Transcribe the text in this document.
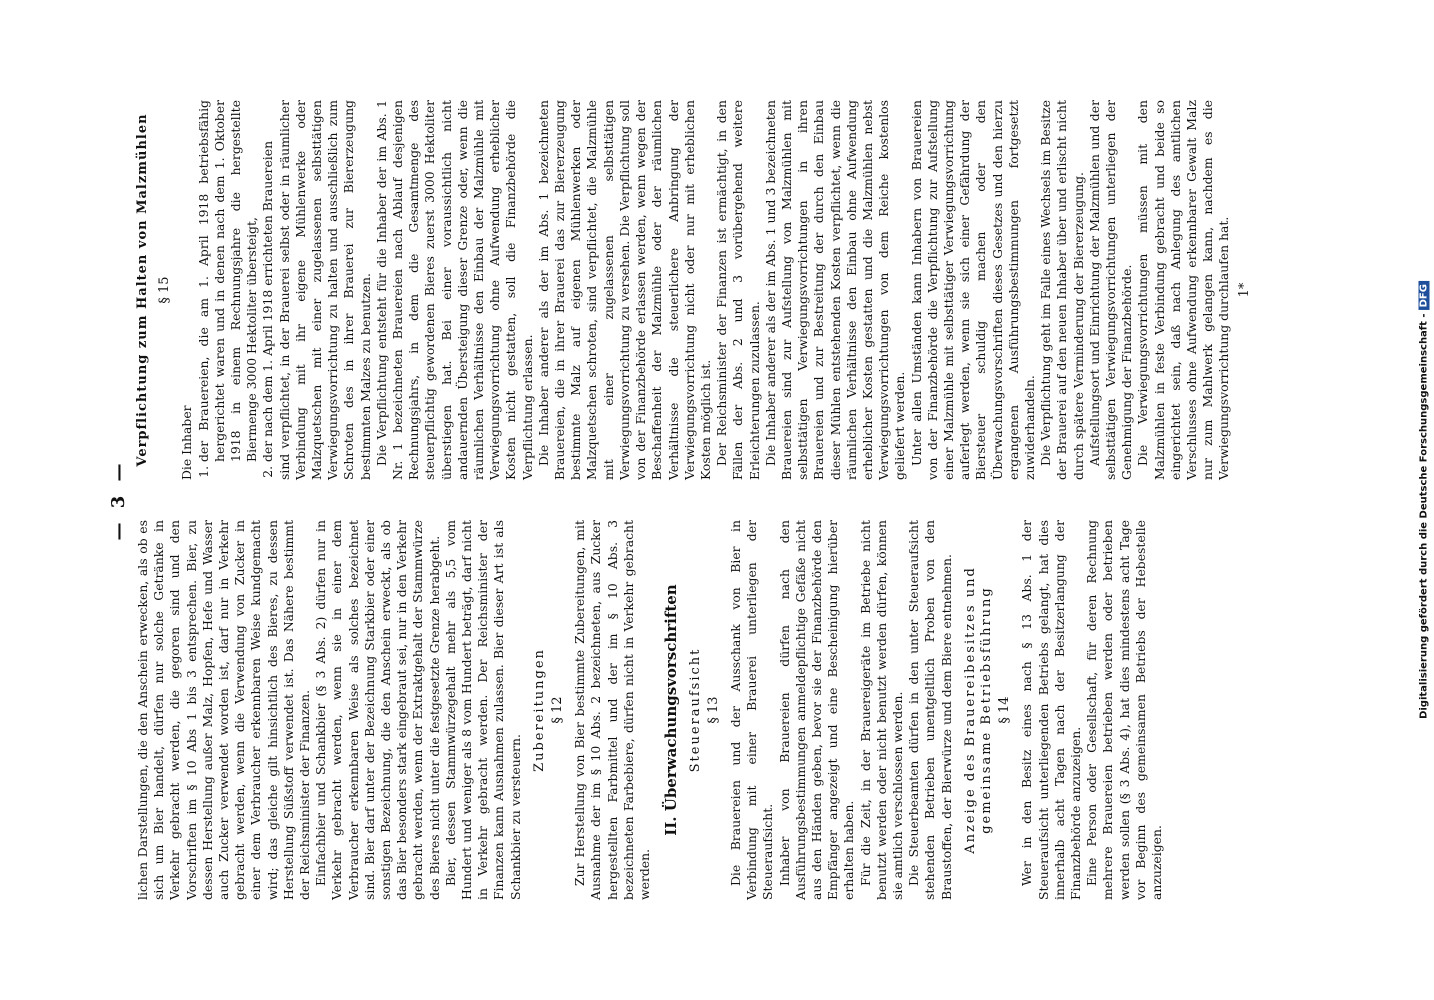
— 3 —

lichen Darstellungen, die den Anschein erwecken, als ob es sich um Bier handelt, dürfen nur solche Getränke in Verkehr gebracht werden, die gegoren sind und den Vorschriften im § 10 Abs 1 bis 3 entsprechen. Bier, zu dessen Herstellung außer Malz, Hopfen, Hefe und Wasser auch Zucker verwendet worden ist, darf nur in Verkehr gebracht werden, wenn die Verwendung von Zucker in einer dem Verbraucher erkennbaren Weise kundgemacht wird; das gleiche gilt hinsichtlich des Bieres, zu dessen Herstellung Süßstoff verwendet ist. Das Nähere bestimmt der Reichsminister der Finanzen. Einfachbier und Schankbier (§ 3 Abs. 2) dürfen nur in Verkehr gebracht werden, wenn sie in einer dem Verbraucher erkennbaren Weise als solches bezeichnet sind. Bier darf unter der Bezeichnung Starkbier oder einer sonstigen Bezeichnung, die den Anschein erweckt, als ob das Bier besonders stark eingebraut sei, nur in den Verkehr gebracht werden, wenn der Extraktgehalt der Stammwürze des Bieres nicht unter die festgesetzte Grenze herabgeht. Bier, dessen Stammwürzegehalt mehr als 5,5 vom Hundert und weniger als 8 vom Hundert beträgt, darf nicht in Verkehr gebracht werden. Der Reichsminister der Finanzen kann Ausnahmen zulassen. Bier dieser Art ist als Schankbier zu versteuern.

Zubereitungen § 12 Zur Herstellung von Bier bestimmte Zubereitungen, mit Ausnahme der im § 10 Abs. 2 bezeichneten, aus Zucker hergestellten Farbmittel und der im § 10 Abs. 3 bezeichneten Farbebiere, dürfen nicht in Verkehr gebracht werden.

II. Überwachungsvorschriften Steueraufsicht § 13 Die Brauereien und der Ausschank von Bier in Verbindung mit einer Brauerei unterliegen der Steueraufsicht. Inhaber von Brauereien dürfen nach den Ausführungsbestimmungen anmeldepflichtige Gefäße nicht aus den Händen geben, bevor sie der Finanzbehörde den Empfänger angezeigt und eine Bescheinigung hierüber erhalten haben. Für die Zeit, in der Brauereigeräte im Betriebe nicht benutzt werden oder nicht benutzt werden dürfen, können sie amtlich verschlossen werden. Die Steuerbeamten dürfen in den unter Steueraufsicht stehenden Betrieben unentgeltlich Proben von den Braustoffen, der Bierwürze und dem Biere entnehmen. Anzeige des Brauereibesitzes und gemeinsame Betriebsführung § 14 Wer in den Besitz eines nach § 13 Abs. 1 der Steueraufsicht unterliegenden Betriebs gelangt, hat dies innerhalb acht Tagen nach der Besitzerlangung der Finanzbehörde anzuzeigen. Eine Person oder Gesellschaft, für deren Rechnung mehrere Brauereien betrieben werden oder betrieben werden sollen (§ 3 Abs. 4), hat dies mindestens acht Tage vor Beginn des gemeinsamen Betriebs der Hebestelle anzuzeigen.

Verpflichtung zum Halten von Malzmühlen § 15

Die Inhaber 1. der Brauereien, die am 1. April 1918 betriebsfähig hergerichtet waren und in denen nach dem 1. Oktober 1918 in einem Rechnungsjahre die hergestellte Biermenge 3000 Hektoliter übersteigt, 2. der nach dem 1. April 1918 errichteten Brauereien sind verpflichtet, in der Brauerei selbst oder in räumlicher Verbindung mit ihr eigene Mühlenwerke oder Malzquetschen mit einer zugelassenen selbsttätigen Verwiegungsvorrichtung zu halten und ausschließlich zum Schroten des in ihrer Brauerei zur Biererzeugung bestimmten Malzes zu benutzen. Die Verpflichtung entsteht für die Inhaber der im Abs. 1 Nr. 1 bezeichneten Brauereien nach Ablauf desjenigen Rechnungsjahrs, in dem die Gesamtmenge des steuerpflichtig gewordenen Bieres zuerst 3000 Hektoliter überstiegen hat. Bei einer voraussichtlich nicht andauernden Übersteigung dieser Grenze oder, wenn die räumlichen Verhältnisse den Einbau der Malzmühle mit Verwiegungsvorrichtung ohne Aufwendung erheblicher Kosten nicht gestatten, soll die Finanzbehörde die Verpflichtung erlassen. Die Inhaber anderer als der im Abs. 1 bezeichneten Brauereien, die in ihrer Brauerei das zur Biererzeugung bestimmte Malz auf eigenen Mühlenwerken oder Malzquetschen schroten, sind verpflichtet, die Malzmühle mit einer zugelassenen selbsttätigen Verwiegungsvorrichtung zu versehen. Die Verpflichtung soll von der Finanzbehörde erlassen werden, wenn wegen der Beschaffenheit der Malzmühle oder der räumlichen Verhältnisse die steuerlichere Anbringung der Verwiegungsvorrichtung nicht oder nur mit erheblichen Kosten möglich ist. Der Reichsminister der Finanzen ist ermächtigt, in den Fällen der Abs. 2 und 3 vorübergehend weitere Erleichterungen zuzulassen. Die Inhaber anderer als der im Abs. 1 und 3 bezeichneten Brauereien sind zur Aufstellung von Malzmühlen mit selbsttätigen Verwiegungsvorrichtungen in ihren Brauereien und zur Bestreitung der durch den Einbau dieser Mühlen entstehenden Kosten verpflichtet, wenn die räumlichen Verhältnisse den Einbau ohne Aufwendung erheblicher Kosten gestatten und die Malzmühlen nebst Verwiegungsvorrichtungen von dem Reiche kostenlos geliefert werden. Unter allen Umständen kann Inhabern von Brauereien von der Finanzbehörde die Verpflichtung zur Aufstellung einer Malzmühle mit selbsttätiger Verwiegungsvorrichtung auferlegt werden, wenn sie sich einer Gefährdung der Biersteuer schuldig machen oder den Überwachungsvorschriften dieses Gesetzes und den hierzu ergangenen Ausführungsbestimmungen fortgesetzt zuwiderhandeln. Die Verpflichtung geht im Falle eines Wechsels im Besitze der Brauerei auf den neuen Inhaber über und erlischt nicht durch spätere Verminderung der Biererzeugung. Aufstellungsort und Einrichtung der Malzmühlen und der selbsttätigen Verwiegungsvorrichtungen unterliegen der Genehmigung der Finanzbehörde. Die Verwiegungsvorrichtungen müssen mit den Malzmühlen in feste Verbindung gebracht und beide so eingerichtet sein, daß nach Anlegung des amtlichen Verschlusses ohne Aufwendung erkennbarer Gewalt Malz nur zum Mahlwerk gelangen kann, nachdem es die Verwiegungsvorrichtung durchlaufen hat. 1*
Digitalisierung gefördert durch die Deutsche Forschungsgemeinschaft -DFG
